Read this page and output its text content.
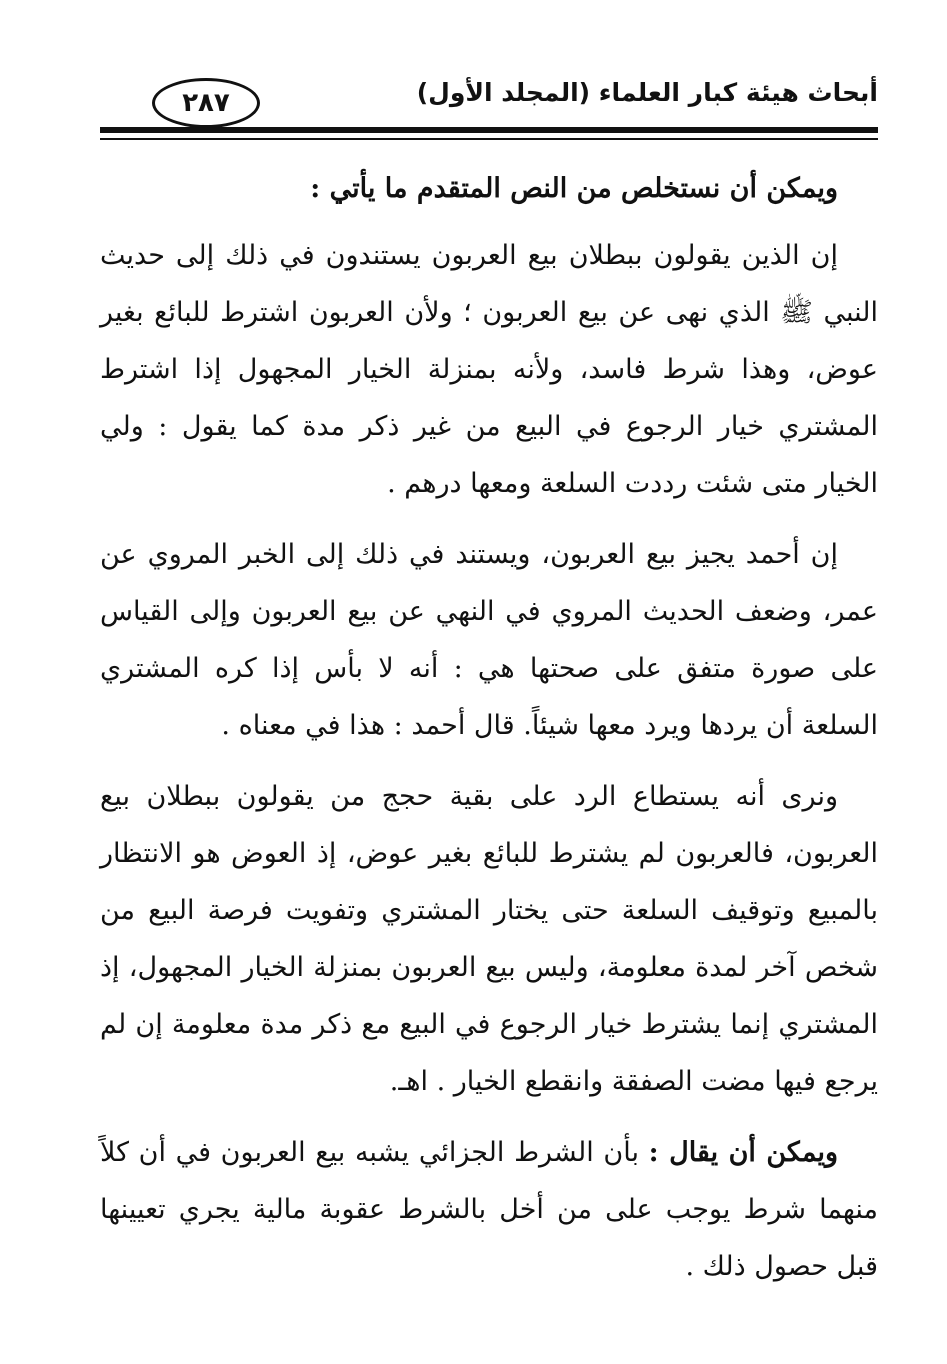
أبحاث هيئة كبار العلماء (المجلد الأول)
٢٨٧

ويمكن أن نستخلص من النص المتقدم ما يأتي :

إن الذين يقولون ببطلان بيع العربون يستندون في ذلك إلى حديث النبي ﷺ الذي نهى عن بيع العربون ؛ ولأن العربون اشترط للبائع بغير عوض، وهذا شرط فاسد، ولأنه بمنزلة الخيار المجهول إذا اشترط المشتري خيار الرجوع في البيع من غير ذكر مدة كما يقول : ولي الخيار متى شئت رددت السلعة ومعها درهم .

إن أحمد يجيز بيع العربون، ويستند في ذلك إلى الخبر المروي عن عمر، وضعف الحديث المروي في النهي عن بيع العربون وإلى القياس على صورة متفق على صحتها هي : أنه لا بأس إذا كره المشتري السلعة أن يردها ويرد معها شيئاً. قال أحمد : هذا في معناه .

ونرى أنه يستطاع الرد على بقية حجج من يقولون ببطلان بيع العربون، فالعربون لم يشترط للبائع بغير عوض، إذ العوض هو الانتظار بالمبيع وتوقيف السلعة حتى يختار المشتري وتفويت فرصة البيع من شخص آخر لمدة معلومة، وليس بيع العربون بمنزلة الخيار المجهول، إذ المشتري إنما يشترط خيار الرجوع في البيع مع ذكر مدة معلومة إن لم يرجع فيها مضت الصفقة وانقطع الخيار . اهـ.

ويمكن أن يقال : بأن الشرط الجزائي يشبه بيع العربون في أن كلاً منهما شرط يوجب على من أخل بالشرط عقوبة مالية يجري تعيينها قبل حصول ذلك .
